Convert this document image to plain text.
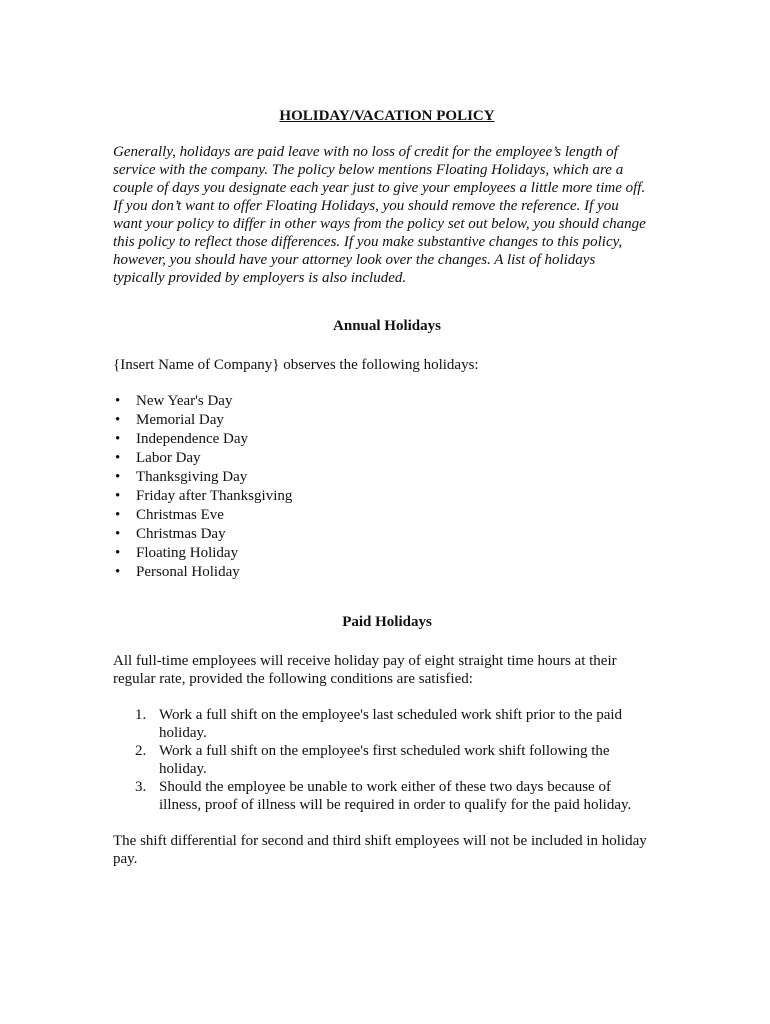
HOLIDAY/VACATION POLICY
Generally, holidays are paid leave with no loss of credit for the employee’s length of
service with the company. The policy below mentions Floating Holidays, which are a
couple of days you designate each year just to give your employees a little more time off.
If you don’t want to offer Floating Holidays, you should remove the reference. If you
want your policy to differ in other ways from the policy set out below, you should change
this policy to reflect those differences. If you make substantive changes to this policy,
however, you should have your attorney look over the changes. A list of holidays
typically provided by employers is also included.
Annual Holidays
{Insert Name of Company} observes the following holidays:
• New Year's Day
• Memorial Day
• Independence Day
• Labor Day
• Thanksgiving Day
• Friday after Thanksgiving
• Christmas Eve
• Christmas Day
• Floating Holiday
• Personal Holiday
Paid Holidays
All full-time employees will receive holiday pay of eight straight time hours at their
regular rate, provided the following conditions are satisfied:
1. Work a full shift on the employee's last scheduled work shift prior to the paid
holiday.
2. Work a full shift on the employee's first scheduled work shift following the
holiday.
3. Should the employee be unable to work either of these two days because of
illness, proof of illness will be required in order to qualify for the paid holiday.
The shift differential for second and third shift employees will not be included in holiday
pay.
